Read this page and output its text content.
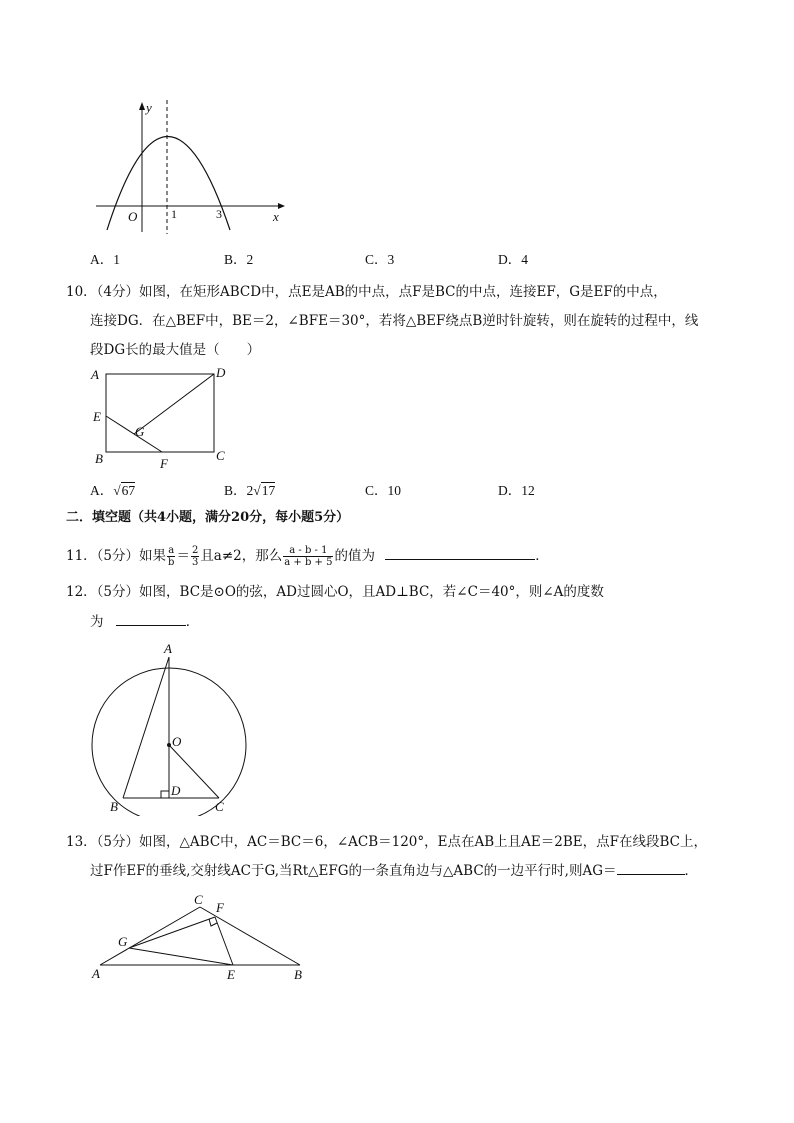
y
x
O	1	3
A．1	B．2	C．3	D．4
10．（4分）如图，在矩形ABCD中，点E是AB的中点，点F是BC的中点，连接EF，G是EF的中点，
连接DG．在△BEF中，BE＝2，∠BFE＝30°，若将△BEF绕点B逆时针旋转，则在旋转的过程中，线
段DG长的最大值是（　　）
A	D
E
G
B	C
F
A．√67	B．2√17	C．10	D．12
二．填空题（共4小题，满分20分，每小题5分）
11．（5分）如果 $\frac{a}{b} = \frac{2}{3}$ 且a≠2，那么 $\frac{a - b - 1}{a + b + 5}$ 的值为	．
12．（5分）如图，BC是⊙O的弦，AD过圆心O，且AD⊥BC，若∠C＝40°，则∠A的度数
为	．
A
O
D
B	C
13．（5分）如图，△ABC中，AC＝BC＝6，∠ACB＝120°，E点在AB上且AE＝2BE，点F在线段BC上，
过F作EF的垂线,交射线AC于G,当Rt△EFG的一条直角边与△ABC的一边平行时,则AG＝	．
C
F
G
A	E	B
